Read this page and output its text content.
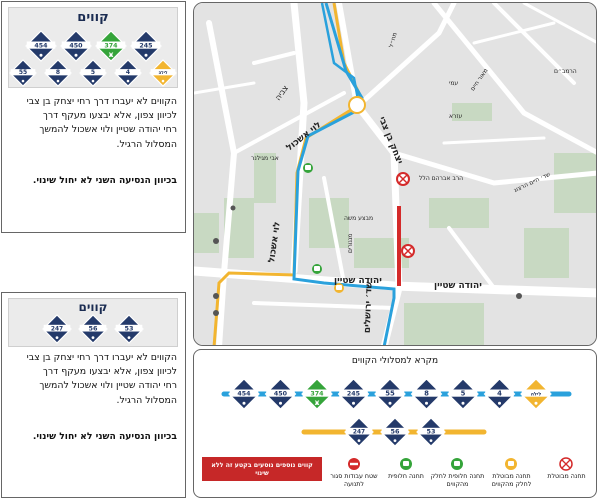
קווים
454	450	374	245
55	8	5	4	לילה
הקווים לא יעברו דרך רחי יצחק בן צבי
לכיוון צפון, אלא יבצעו מעקף דרך
רחי יהודה שטיין ולוי אשכול להמשך
המסלול הרגיל.
בכיוון הנסיעה השני לא יחול שינוי.
קווים
247	56	53
הקווים לא יעברו דרך רחי יצחק בן צבי
לכיוון צפון, אלא יבצעו מעקף דרך
רחי יהודה שטיין ולוי אשכול להמשך
המסלול הרגיל.
בכיוון הנסיעה השני לא יחול שינוי.
צביה
לוי אשכול
לוי אשכול
יצחק בן צבי
יהודה שטיין	יהודה שטיין
שד׳ ירושלים
אבי מגילנר
מבצע משה
מנגורים
הרמב״ם
הרב אברהם הלל
עזרא
מאור חיים
שד׳ חיים הרצוג
מח״ל
עמי
מקרא למסלולי הקווים
454	450	374	245	55	8	5	4	לילה
247	56	53
תחנה מבוטלת
תחנה מבוטלת לחלק מהקווים
תחנה חלופית לחלק מהקווים
תחנה חלופית
שטח עבודות סגור לתנועה
קווים נוספים נוסעים בקטע זה ללא שינוי
